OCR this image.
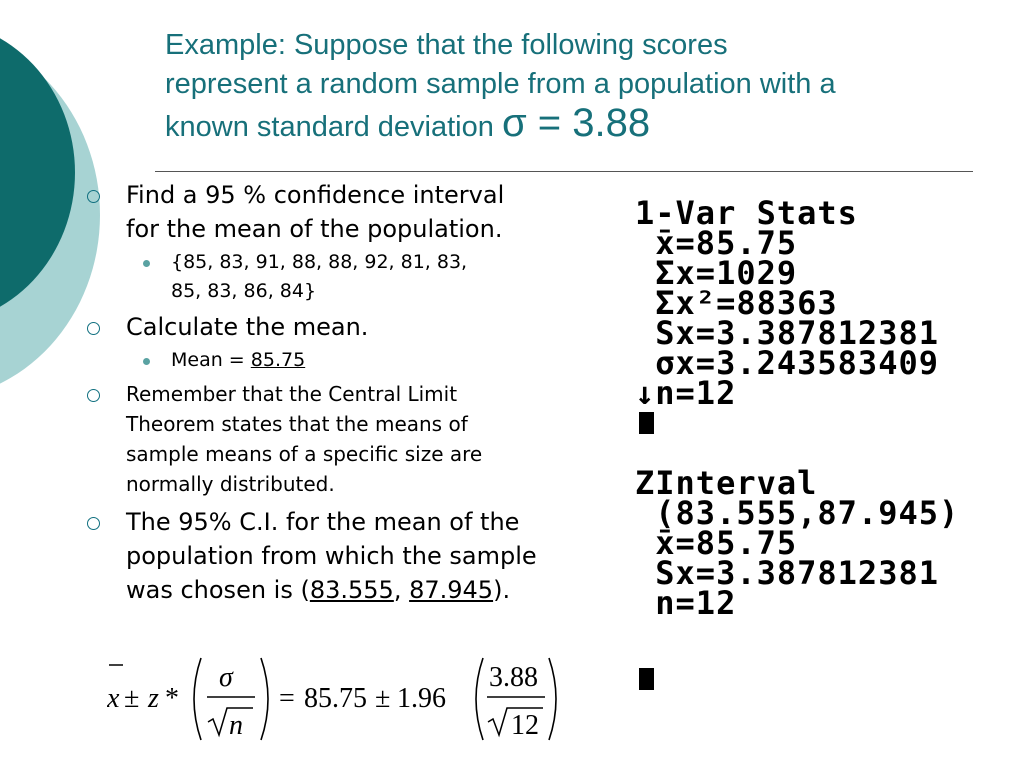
Example: Suppose that the following scores
represent a random sample from a population with a
known standard deviation σ = 3.88
Find a 95 % confidence interval
for the mean of the population.
{85, 83, 91, 88, 88, 92, 81, 83,
85, 83, 86, 84}
Calculate the mean.
Mean = 85.75
Remember that the Central Limit
Theorem states that the means of
sample means of a specific size are
normally distributed.
The 95% C.I. for the mean of the
population from which the sample
was chosen is (83.555, 87.945).
1-Var Stats
x̄=85.75
Σx=1029
Σx²=88363
Sx=3.387812381
σx=3.243583409
↓n=12
ZInterval
(83.555,87.945)
x̄=85.75
Sx=3.387812381
n=12
x ± z *
σ
n
= 85.75 ± 1.96
3.88
12
